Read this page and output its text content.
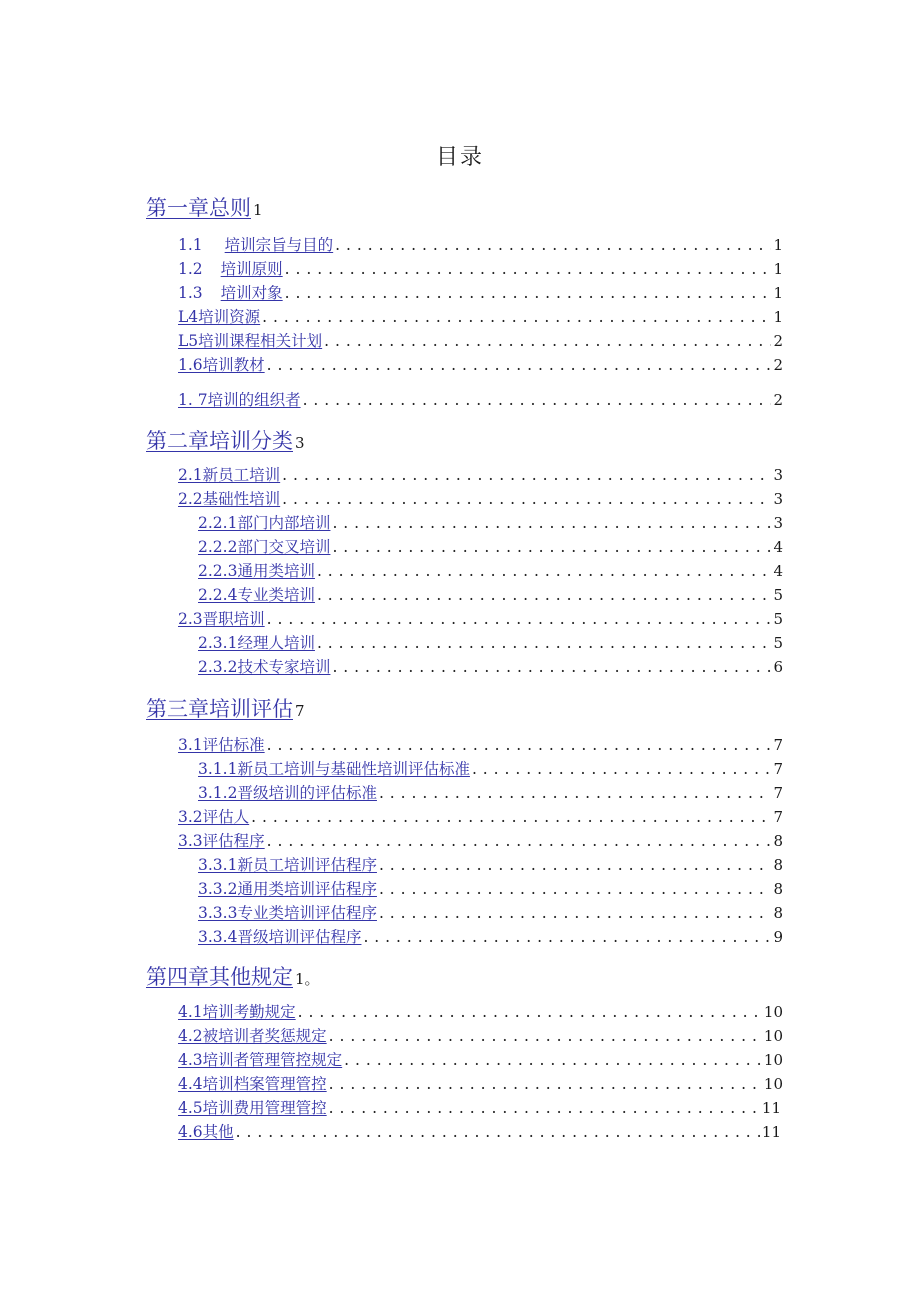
目录
第一章总则 1
1.1 培训宗旨与目的 . . .	1
1.2 培训原则 . . .	1
1.3 培训对象 . . .	1
L4培训资源 . . .	1
L5培训课程相关计划 . . .	2
1.6培训教材 . . .	2
1. 7培训的组织者 . . .	2
第二章培训分类 3
2.1新员工培训 . . .	3
2.2基础性培训 . . .	3
2.2.1部门内部培训 . . .	3
2.2.2部门交叉培训 . . .	4
2.2.3通用类培训 . . .	4
2.2.4专业类培训 . . .	5
2.3晋职培训 . . .	5
2.3.1经理人培训 . . .	5
2.3.2技术专家培训 . . .	6
第三章培训评估 7
3.1评估标准 . . .	7
3.1.1新员工培训与基础性培训评估标准 . . .	7
3.1.2晋级培训的评估标准 . . .	7
3.2评估人 . . .	7
3.3评估程序 . . .	8
3.3.1新员工培训评估程序 . . .	8
3.3.2通用类培训评估程序 . . .	8
3.3.3专业类培训评估程序 . . .	8
3.3.4晋级培训评估程序 . . .	9
第四章其他规定 1。
4.1培训考勤规定 . . .	10
4.2被培训者奖惩规定 . . .	10
4.3培训者管理管控规定 . . .	10
4.4培训档案管理管控 . . .	10
4.5培训费用管理管控 . . .	11
4.6其他 . . .	11
